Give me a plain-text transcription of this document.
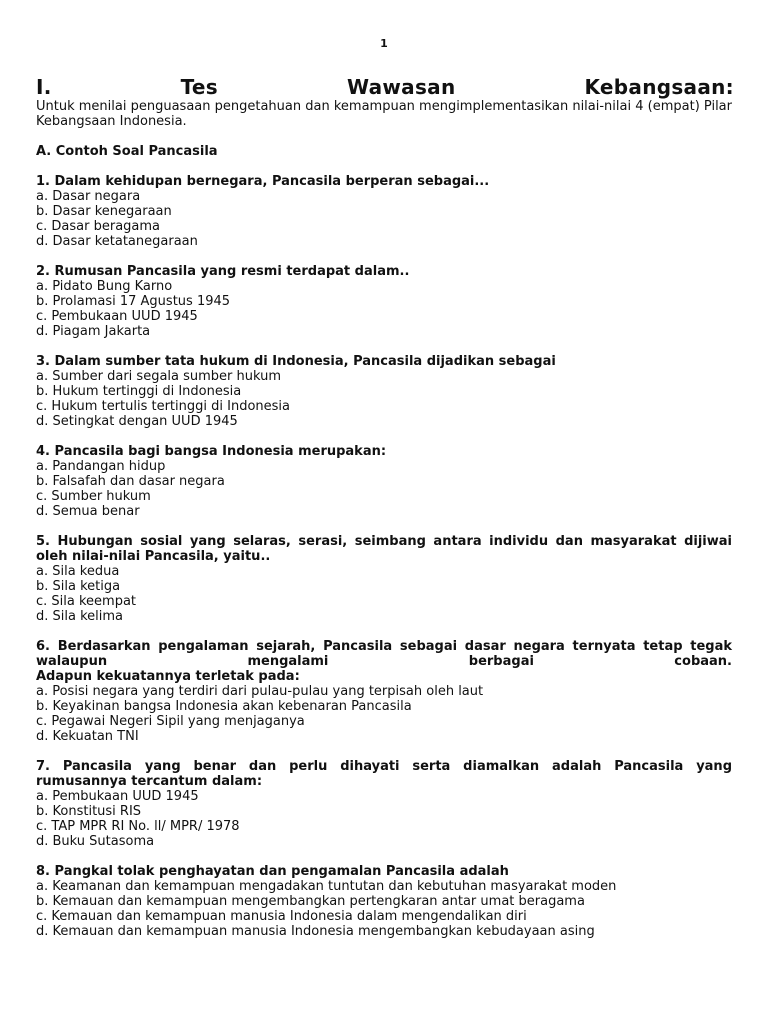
1
I.	Tes	Wawasan	Kebangsaan:

Untuk menilai penguasaan pengetahuan dan kemampuan mengimplementasikan nilai-nilai 4 (empat) Pilar Kebangsaan Indonesia.

A. Contoh Soal Pancasila
1. Dalam kehidupan bernegara, Pancasila berperan sebagai...
a. Dasar negara
b. Dasar kenegaraan
c. Dasar beragama
d. Dasar ketatanegaraan
2. Rumusan Pancasila yang resmi terdapat dalam..
a. Pidato Bung Karno
b. Prolamasi 17 Agustus 1945
c. Pembukaan UUD 1945
d. Piagam Jakarta
3. Dalam sumber tata hukum di Indonesia, Pancasila dijadikan sebagai
a. Sumber dari segala sumber hukum
b. Hukum tertinggi di Indonesia
c. Hukum tertulis tertinggi di Indonesia
d. Setingkat dengan UUD 1945
4. Pancasila bagi bangsa Indonesia merupakan:
a. Pandangan hidup
b. Falsafah dan dasar negara
c. Sumber hukum
d. Semua benar
5. Hubungan sosial yang selaras, serasi, seimbang antara individu dan masyarakat dijiwai oleh nilai-nilai Pancasila, yaitu..
a. Sila kedua
b. Sila ketiga
c. Sila keempat
d. Sila kelima
6. Berdasarkan pengalaman sejarah, Pancasila sebagai dasar negara ternyata tetap tegak walaupun mengalami berbagai cobaan.
Adapun kekuatannya terletak pada:
a. Posisi negara yang terdiri dari pulau-pulau yang terpisah oleh laut
b. Keyakinan bangsa Indonesia akan kebenaran Pancasila
c. Pegawai Negeri Sipil yang menjaganya
d. Kekuatan TNI
7. Pancasila yang benar dan perlu dihayati serta diamalkan adalah Pancasila yang rumusannya tercantum dalam:
a. Pembukaan UUD 1945
b. Konstitusi RIS
c. TAP MPR RI No. ll/ MPR/ 1978
d. Buku Sutasoma
8. Pangkal tolak penghayatan dan pengamalan Pancasila adalah
a. Keamanan dan kemampuan mengadakan tuntutan dan kebutuhan masyarakat moden
b. Kemauan dan kemampuan mengembangkan pertengkaran antar umat beragama
c. Kemauan dan kemampuan manusia Indonesia dalam mengendalikan diri
d. Kemauan dan kemampuan manusia Indonesia mengembangkan kebudayaan asing
